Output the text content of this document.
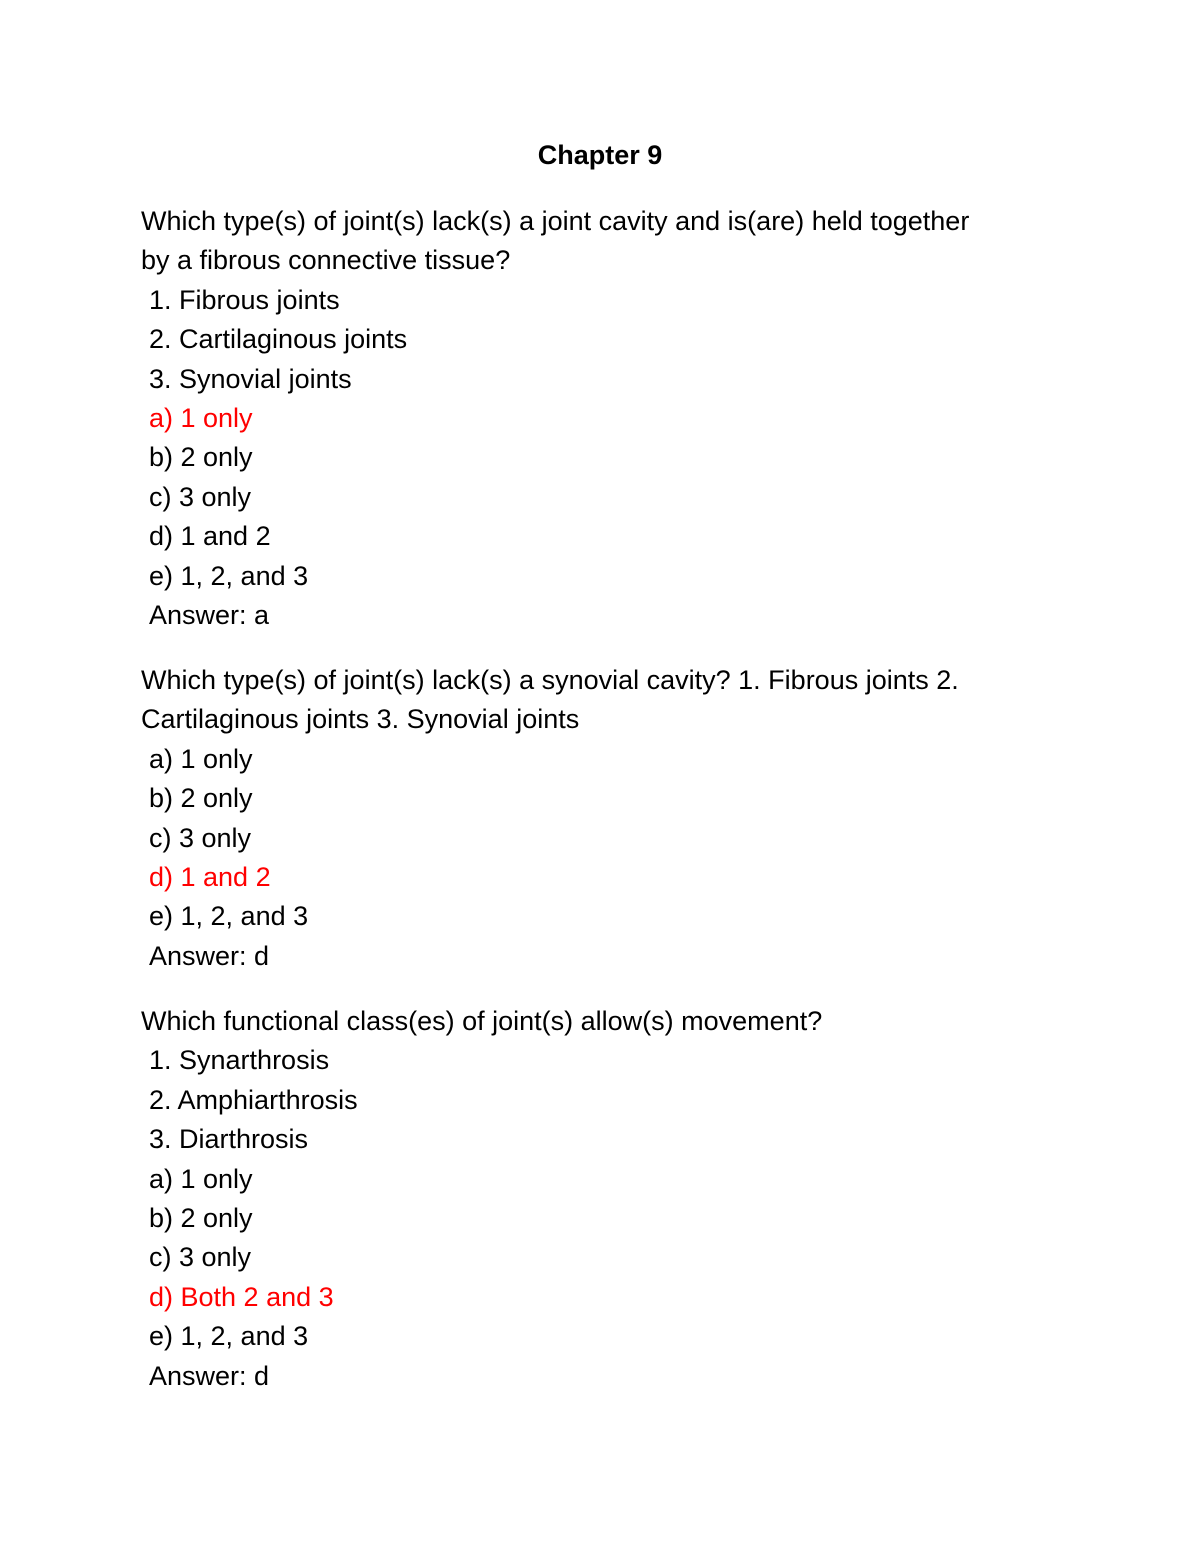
Chapter 9
Which type(s) of joint(s) lack(s) a joint cavity and is(are) held together
by a fibrous connective tissue?
1. Fibrous joints
2. Cartilaginous joints
3. Synovial joints
a) 1 only
b) 2 only
c) 3 only
d) 1 and 2
e) 1, 2, and 3
Answer: a
Which type(s) of joint(s) lack(s) a synovial cavity? 1. Fibrous joints 2.
Cartilaginous joints 3. Synovial joints
a) 1 only
b) 2 only
c) 3 only
d) 1 and 2
e) 1, 2, and 3
Answer: d
Which functional class(es) of joint(s) allow(s) movement?
1. Synarthrosis
2. Amphiarthrosis
3. Diarthrosis
a) 1 only
b) 2 only
c) 3 only
d) Both 2 and 3
e) 1, 2, and 3
Answer: d
